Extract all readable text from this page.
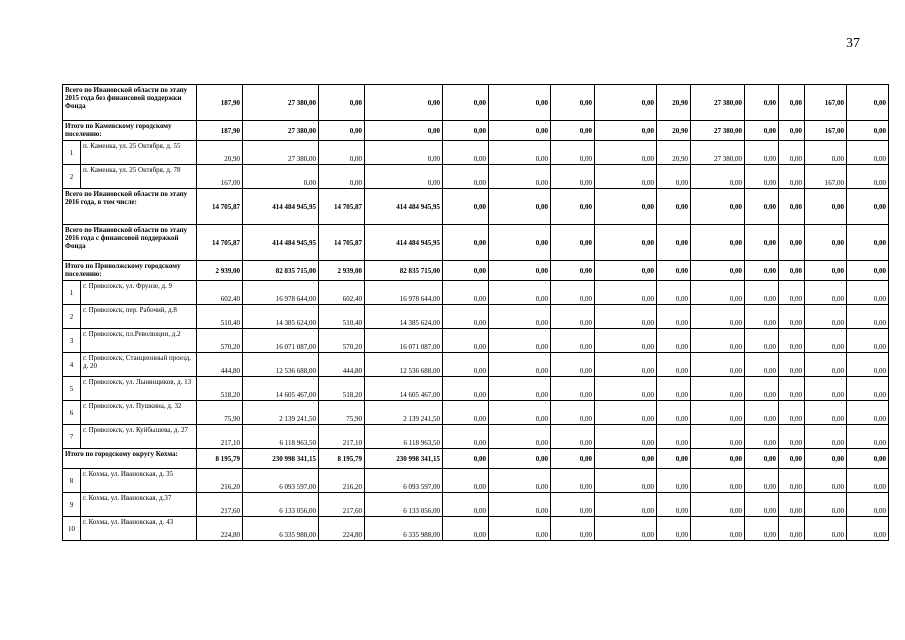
37
Всего по Ивановской области по этапу 2015 года без финансовой поддержки Фонда		187,90	27 380,00	0,00	0,00	0,00	0,00	0,00	0,00	20,90	27 380,00	0,00	0,00	167,00	0,00
Итого по Каменскому городскому поселению:		187,90	27 380,00	0,00	0,00	0,00	0,00	0,00	0,00	20,90	27 380,00	0,00	0,00	167,00	0,00
1	п. Каменка, ул. 25 Октября, д. 55	20,90	27 380,00	0,00	0,00	0,00	0,00	0,00	0,00	20,90	27 380,00	0,00	0,00	0,00	0,00
2	п. Каменка, ул. 25 Октября, д. 78	167,00	0,00	0,00	0,00	0,00	0,00	0,00	0,00	0,00	0,00	0,00	0,00	167,00	0,00
Всего по Ивановской области по этапу 2016 года, в том числе:		14 705,87	414 484 945,95	14 705,87	414 484 945,95	0,00	0,00	0,00	0,00	0,00	0,00	0,00	0,00	0,00	0,00
Всего по Ивановской области по этапу 2016 года с финансовой поддержкой Фонда		14 705,87	414 484 945,95	14 705,87	414 484 945,95	0,00	0,00	0,00	0,00	0,00	0,00	0,00	0,00	0,00	0,00
Итого по Приволжскому городскому поселению:		2 939,00	82 835 715,00	2 939,00	82 835 715,00	0,00	0,00	0,00	0,00	0,00	0,00	0,00	0,00	0,00	0,00
1	г. Приволжск, ул. Фрунзе, д. 9	602,40	16 978 644,00	602,40	16 978 644,00	0,00	0,00	0,00	0,00	0,00	0,00	0,00	0,00	0,00	0,00
2	г. Приволжск, пер. Рабочий, д.8	510,40	14 385 624,00	510,40	14 385 624,00	0,00	0,00	0,00	0,00	0,00	0,00	0,00	0,00	0,00	0,00
3	г. Приволжск, пл.Революции, д.2	570,20	16 071 087,00	570,20	16 071 087,00	0,00	0,00	0,00	0,00	0,00	0,00	0,00	0,00	0,00	0,00
4	г. Приволжск, Станционный проезд, д. 20	444,80	12 536 688,00	444,80	12 536 688,00	0,00	0,00	0,00	0,00	0,00	0,00	0,00	0,00	0,00	0,00
5	г. Приволжск, ул. Льнянщиков, д. 13	518,20	14 605 467,00	518,20	14 605 467,00	0,00	0,00	0,00	0,00	0,00	0,00	0,00	0,00	0,00	0,00
6	г. Приволжск, ул. Пушкина, д. 32	75,90	2 139 241,50	75,90	2 139 241,50	0,00	0,00	0,00	0,00	0,00	0,00	0,00	0,00	0,00	0,00
7	г. Приволжск, ул. Куйбышева, д. 27	217,10	6 118 963,50	217,10	6 118 963,50	0,00	0,00	0,00	0,00	0,00	0,00	0,00	0,00	0,00	0,00
Итого по городскому округу Кохма:		8 195,79	230 998 341,15	8 195,79	230 998 341,15	0,00	0,00	0,00	0,00	0,00	0,00	0,00	0,00	0,00	0,00
8	г. Кохма, ул. Ивановская, д. 35	216,20	6 093 597,00	216,20	6 093 597,00	0,00	0,00	0,00	0,00	0,00	0,00	0,00	0,00	0,00	0,00
9	г. Кохма, ул. Ивановская, д.37	217,60	6 133 056,00	217,60	6 133 056,00	0,00	0,00	0,00	0,00	0,00	0,00	0,00	0,00	0,00	0,00
10	г. Кохма, ул. Ивановская, д. 43	224,80	6 335 988,00	224,80	6 335 988,00	0,00	0,00	0,00	0,00	0,00	0,00	0,00	0,00	0,00	0,00
